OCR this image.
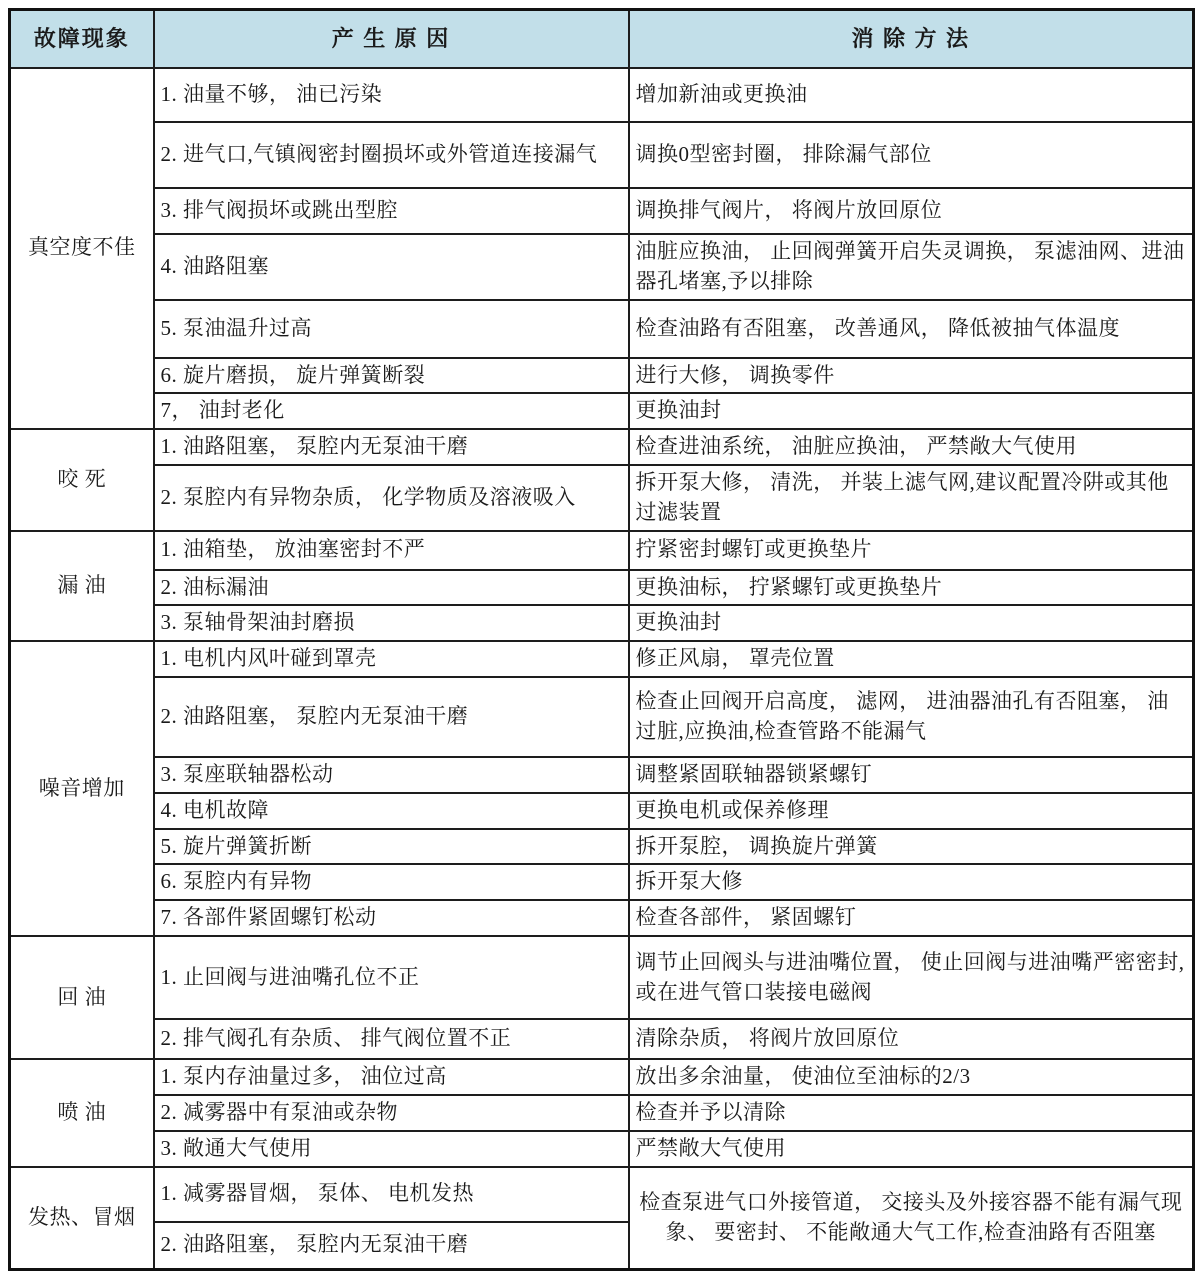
故障现象	产 生 原 因	消 除 方 法
真空度不佳	1. 油量不够， 油已污染	增加新油或更换油
	2. 进气口,气镇阀密封圈损坏或外管道连接漏气	调换0型密封圈， 排除漏气部位
	3. 排气阀损坏或跳出型腔	调换排气阀片， 将阀片放回原位
	4. 油路阻塞	油脏应换油， 止回阀弹簧开启失灵调换， 泵滤油网、进油器孔堵塞,予以排除
	5. 泵油温升过高	检查油路有否阻塞， 改善通风， 降低被抽气体温度
	6. 旋片磨损， 旋片弹簧断裂	进行大修， 调换零件
	7， 油封老化	更换油封
咬 死	1. 油路阻塞， 泵腔内无泵油干磨	检查进油系统， 油脏应换油， 严禁敞大气使用
	2. 泵腔内有异物杂质， 化学物质及溶液吸入	拆开泵大修， 清洗， 并装上滤气网,建议配置冷阱或其他过滤装置
漏 油	1. 油箱垫， 放油塞密封不严	拧紧密封螺钉或更换垫片
	2. 油标漏油	更换油标， 拧紧螺钉或更换垫片
	3. 泵轴骨架油封磨损	更换油封
噪音增加	1. 电机内风叶碰到罩壳	修正风扇， 罩壳位置
	2. 油路阻塞， 泵腔内无泵油干磨	检查止回阀开启高度， 滤网， 进油器油孔有否阻塞， 油过脏,应换油,检查管路不能漏气
	3. 泵座联轴器松动	调整紧固联轴器锁紧螺钉
	4. 电机故障	更换电机或保养修理
	5. 旋片弹簧折断	拆开泵腔， 调换旋片弹簧
	6. 泵腔内有异物	拆开泵大修
	7. 各部件紧固螺钉松动	检查各部件， 紧固螺钉
回 油	1. 止回阀与进油嘴孔位不正	调节止回阀头与进油嘴位置， 使止回阀与进油嘴严密密封,或在进气管口装接电磁阀
	2. 排气阀孔有杂质、 排气阀位置不正	清除杂质， 将阀片放回原位
喷 油	1. 泵内存油量过多， 油位过高	放出多余油量， 使油位至油标的2/3
	2. 减雾器中有泵油或杂物	检查并予以清除
	3. 敞通大气使用	严禁敞大气使用
发热、冒烟	1. 减雾器冒烟， 泵体、 电机发热	检查泵进气口外接管道， 交接头及外接容器不能有漏气现象、 要密封、 不能敞通大气工作,检查油路有否阻塞
	2. 油路阻塞， 泵腔内无泵油干磨	
